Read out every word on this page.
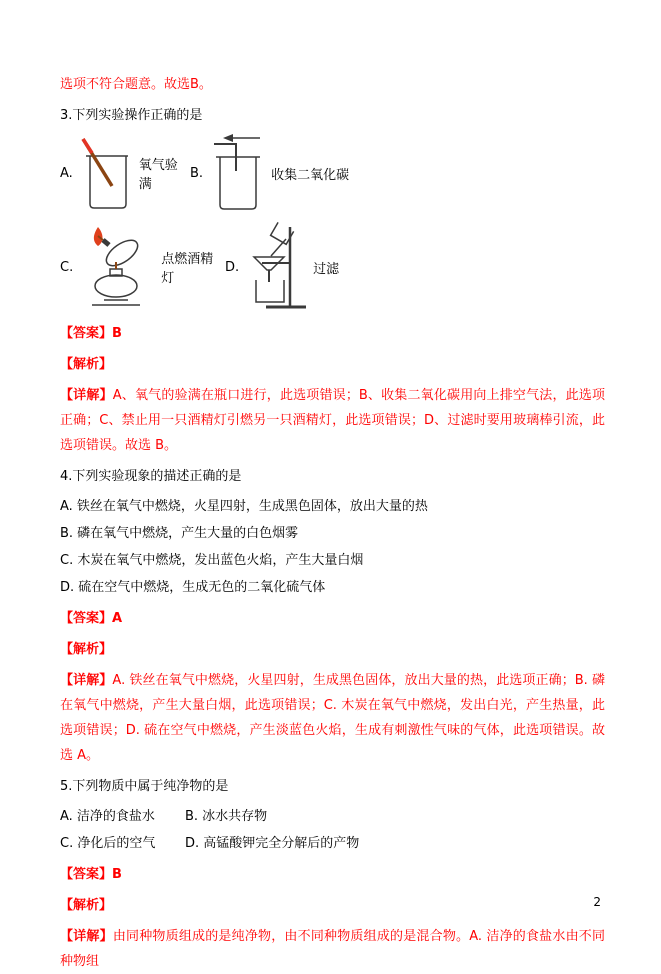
选项不符合题意。故选B。

3.下列实验操作正确的是

A.	氧气验满
B.	收集二氧化碳
C.	点燃酒精灯
D.	过滤

【答案】B

【解析】

【详解】A、氧气的验满在瓶口进行，此选项错误；B、收集二氧化碳用向上排空气法，此选项正确；C、禁止用一只酒精灯引燃另一只酒精灯，此选项错误；D、过滤时要用玻璃棒引流，此选项错误。故选 B。

4.下列实验现象的描述正确的是

A. 铁丝在氧气中燃烧，火星四射，生成黑色固体，放出大量的热

B. 磷在氧气中燃烧，产生大量的白色烟雾

C. 木炭在氧气中燃烧，发出蓝色火焰，产生大量白烟

D. 硫在空气中燃烧，生成无色的二氧化硫气体

【答案】A

【解析】

【详解】A. 铁丝在氧气中燃烧，火星四射，生成黑色固体，放出大量的热，此选项正确；B. 磷在氧气中燃烧，产生大量白烟，此选项错误；C. 木炭在氧气中燃烧，发出白光，产生热量，此选项错误；D. 硫在空气中燃烧，产生淡蓝色火焰，生成有刺激性气味的气体，此选项错误。故选 A。

5.下列物质中属于纯净物的是

A. 洁净的食盐水	B. 冰水共存物
C. 净化后的空气	D. 高锰酸钾完全分解后的产物

【答案】B

【解析】

【详解】由同种物质组成的是纯净物，由不同种物质组成的是混合物。A. 洁净的食盐水由不同种物组

2
